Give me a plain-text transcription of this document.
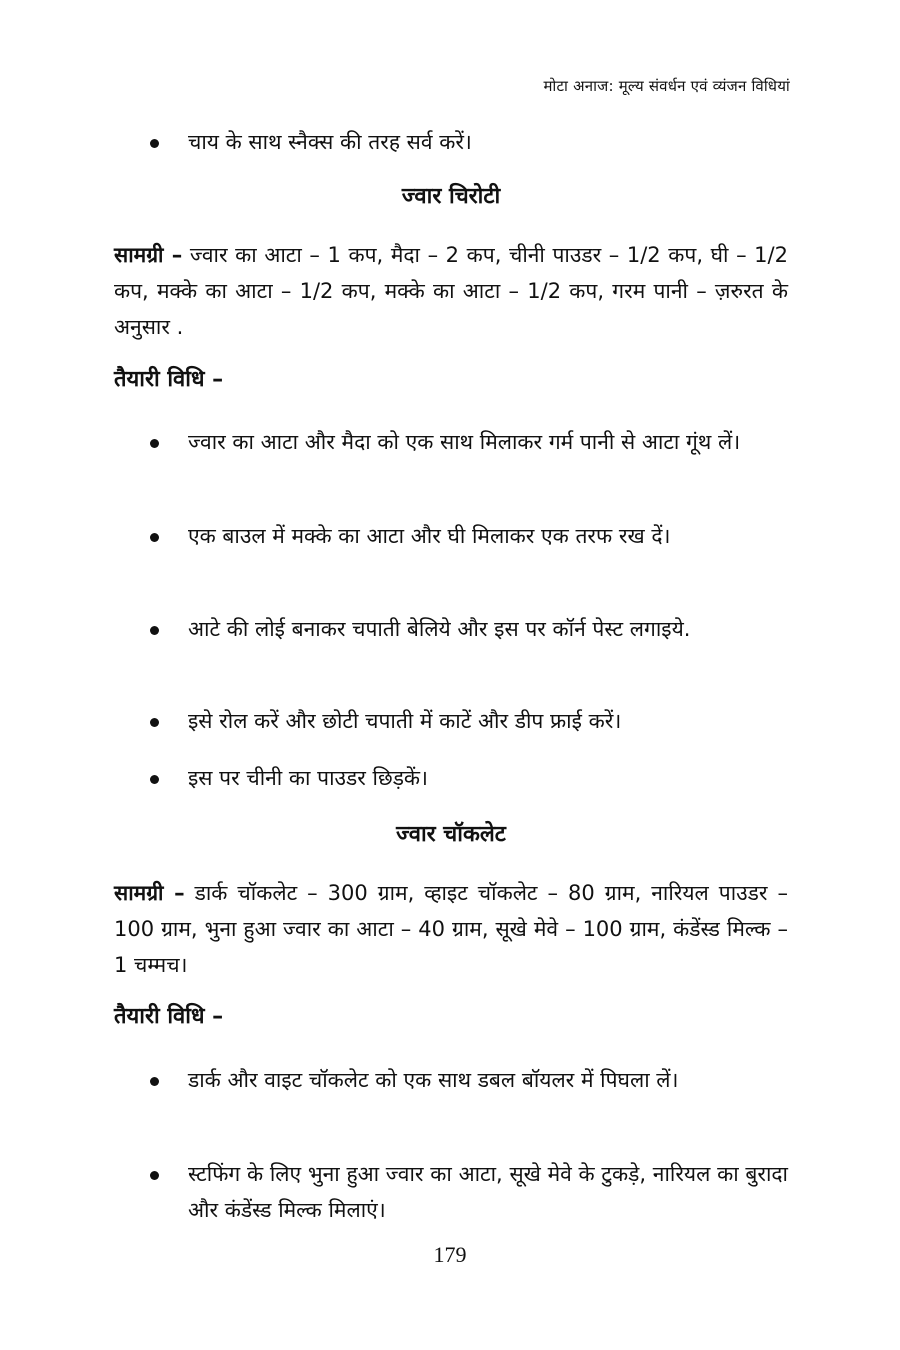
मोटा अनाज: मूल्य संवर्धन एवं व्यंजन विधियां
चाय के साथ स्नैक्स की तरह सर्व करें।
ज्वार चिरोटी
सामग्री – ज्वार का आटा – 1 कप, मैदा – 2 कप, चीनी पाउडर – 1/2 कप, घी – 1/2 कप, मक्के का आटा – 1/2 कप, मक्के का आटा – 1/2 कप, गरम पानी – ज़रुरत के अनुसार .
तैयारी विधि –
ज्वार का आटा और मैदा को एक साथ मिलाकर गर्म पानी से आटा गूंथ लें।
एक बाउल में मक्के का आटा और घी मिलाकर एक तरफ रख दें।
आटे की लोई बनाकर चपाती बेलिये और इस पर कॉर्न पेस्ट लगाइये.
इसे रोल करें और छोटी चपाती में काटें और डीप फ्राई करें।
इस पर चीनी का पाउडर छिड़कें।
ज्वार चॉकलेट
सामग्री – डार्क चॉकलेट – 300 ग्राम, व्हाइट चॉकलेट – 80 ग्राम, नारियल पाउडर – 100 ग्राम, भुना हुआ ज्वार का आटा – 40 ग्राम, सूखे मेवे – 100 ग्राम, कंडेंस्ड मिल्क – 1 चम्मच।
तैयारी विधि –
डार्क और वाइट चॉकलेट को एक साथ डबल बॉयलर में पिघला लें।
स्टफिंग के लिए भुना हुआ ज्वार का आटा, सूखे मेवे के टुकड़े, नारियल का बुरादा और कंडेंस्ड मिल्क मिलाएं।
179
